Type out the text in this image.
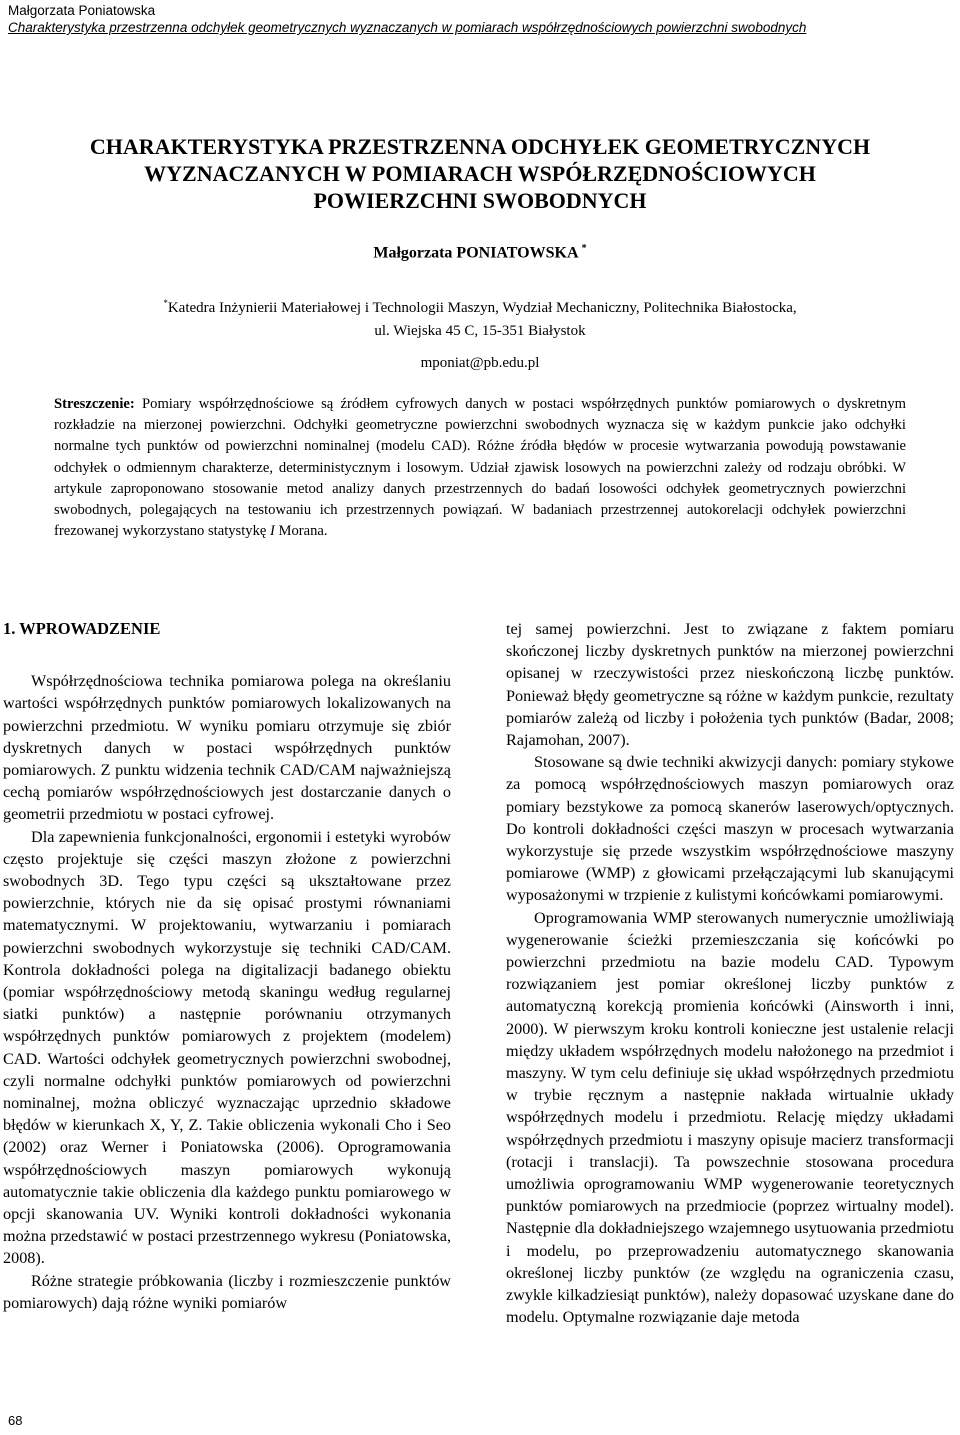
Małgorzata Poniatowska
Charakterystyka przestrzenna odchyłek geometrycznych wyznaczanych w pomiarach współrzędnościowych powierzchni swobodnych
CHARAKTERYSTYKA PRZESTRZENNA ODCHYŁEK GEOMETRYCZNYCH
WYZNACZANYCH W POMIARACH WSPÓŁRZĘDNOŚCIOWYCH
POWIERZCHNI SWOBODNYCH
Małgorzata PONIATOWSKA *
*Katedra Inżynierii Materiałowej i Technologii Maszyn, Wydział Mechaniczny, Politechnika Białostocka,
ul. Wiejska 45 C, 15-351 Białystok
mponiat@pb.edu.pl

Streszczenie: Pomiary współrzędnościowe są źródłem cyfrowych danych w postaci współrzędnych punktów pomiarowych o dyskretnym rozkładzie na mierzonej powierzchni. Odchyłki geometryczne powierzchni swobodnych wyznacza się w każdym punkcie jako odchyłki normalne tych punktów od powierzchni nominalnej (modelu CAD). Różne źródła błędów w procesie wytwarzania powodują powstawanie odchyłek o odmiennym charakterze, deterministycznym i losowym. Udział zjawisk losowych na powierzchni zależy od rodzaju obróbki. W artykule zaproponowano stosowanie metod analizy danych przestrzennych do badań losowości odchyłek geometrycznych powierzchni swobodnych, polegających na testowaniu ich przestrzennych powiązań. W badaniach przestrzennej autokorelacji odchyłek powierzchni frezowanej wykorzystano statystykę I Morana.

1. WPROWADZENIE

Współrzędnościowa technika pomiarowa polega na określaniu wartości współrzędnych punktów pomiarowych lokalizowanych na powierzchni przedmiotu. W wyniku pomiaru otrzymuje się zbiór dyskretnych danych w postaci współrzędnych punktów pomiarowych. Z punktu widzenia technik CAD/CAM najważniejszą cechą pomiarów współrzędnościowych jest dostarczanie danych o geometrii przedmiotu w postaci cyfrowej.

Dla zapewnienia funkcjonalności, ergonomii i estetyki wyrobów często projektuje się części maszyn złożone z powierzchni swobodnych 3D. Tego typu części są ukształtowane przez powierzchnie, których nie da się opisać prostymi równaniami matematycznymi. W projektowaniu, wytwarzaniu i pomiarach powierzchni swobodnych wykorzystuje się techniki CAD/CAM. Kontrola dokładności polega na digitalizacji badanego obiektu (pomiar współrzędnościowy metodą skaningu według regularnej siatki punktów) a następnie porównaniu otrzymanych współrzędnych punktów pomiarowych z projektem (modelem) CAD. Wartości odchyłek geometrycznych powierzchni swobodnej, czyli normalne odchyłki punktów pomiarowych od powierzchni nominalnej, można obliczyć wyznaczając uprzednio składowe błędów w kierunkach X, Y, Z. Takie obliczenia wykonali Cho i Seo (2002) oraz Werner i Poniatowska (2006). Oprogramowania współrzędnościowych maszyn pomiarowych wykonują automatycznie takie obliczenia dla każdego punktu pomiarowego w opcji skanowania UV. Wyniki kontroli dokładności wykonania można przedstawić w postaci przestrzennego wykresu (Poniatowska, 2008).

Różne strategie próbkowania (liczby i rozmieszczenie punktów pomiarowych) dają różne wyniki pomiarów

tej samej powierzchni. Jest to związane z faktem pomiaru skończonej liczby dyskretnych punktów na mierzonej powierzchni opisanej w rzeczywistości przez nieskończoną liczbę punktów. Ponieważ błędy geometryczne są różne w każdym punkcie, rezultaty pomiarów zależą od liczby i położenia tych punktów (Badar, 2008; Rajamohan, 2007).

Stosowane są dwie techniki akwizycji danych: pomiary stykowe za pomocą współrzędnościowych maszyn pomiarowych oraz pomiary bezstykowe za pomocą skanerów laserowych/optycznych. Do kontroli dokładności części maszyn w procesach wytwarzania wykorzystuje się przede wszystkim współrzędnościowe maszyny pomiarowe (WMP) z głowicami przełączającymi lub skanującymi wyposażonymi w trzpienie z kulistymi końcówkami pomiarowymi.

Oprogramowania WMP sterowanych numerycznie umożliwiają wygenerowanie ścieżki przemieszczania się końcówki po powierzchni przedmiotu na bazie modelu CAD. Typowym rozwiązaniem jest pomiar określonej liczby punktów z automatyczną korekcją promienia końcówki (Ainsworth i inni, 2000). W pierwszym kroku kontroli konieczne jest ustalenie relacji między układem współrzędnych modelu nałożonego na przedmiot i maszyny. W tym celu definiuje się układ współrzędnych przedmiotu w trybie ręcznym a następnie nakłada wirtualnie układy współrzędnych modelu i przedmiotu. Relację między układami współrzędnych przedmiotu i maszyny opisuje macierz transformacji (rotacji i translacji). Ta powszechnie stosowana procedura umożliwia oprogramowaniu WMP wygenerowanie teoretycznych punktów pomiarowych na przedmiocie (poprzez wirtualny model). Następnie dla dokładniejszego wzajemnego usytuowania przedmiotu i modelu, po przeprowadzeniu automatycznego skanowania określonej liczby punktów (ze względu na ograniczenia czasu, zwykle kilkadziesiąt punktów), należy dopasować uzyskane dane do modelu. Optymalne rozwiązanie daje metoda

68
